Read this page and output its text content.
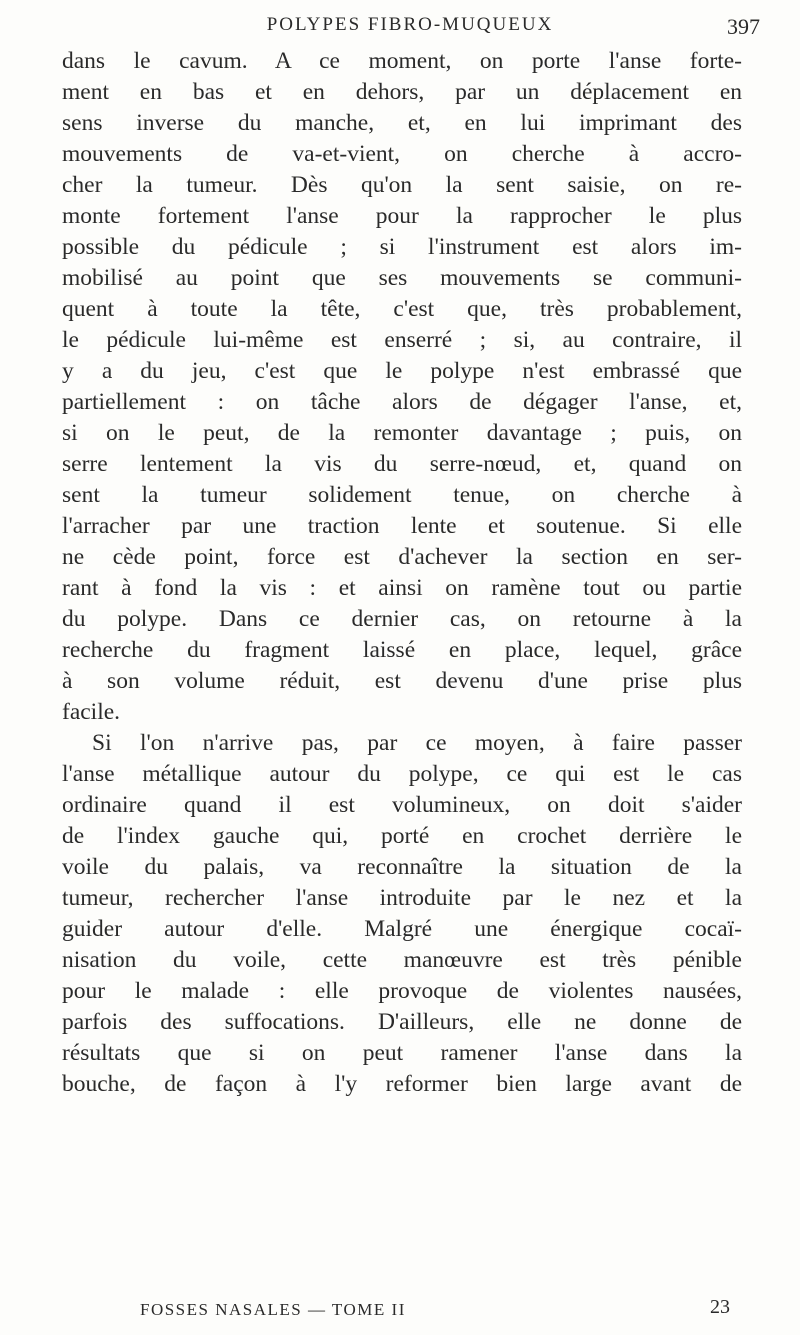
POLYPES FIBRO-MUQUEUX	397
dans le cavum. A ce moment, on porte l'anse forte-
ment en bas et en dehors, par un déplacement en
sens inverse du manche, et, en lui imprimant des
mouvements de va-et-vient, on cherche à accro-
cher la tumeur. Dès qu'on la sent saisie, on re-
monte fortement l'anse pour la rapprocher le plus
possible du pédicule ; si l'instrument est alors im-
mobilisé au point que ses mouvements se communi-
quent à toute la tête, c'est que, très probablement,
le pédicule lui-même est enserré ; si, au contraire, il
y a du jeu, c'est que le polype n'est embrassé que
partiellement : on tâche alors de dégager l'anse, et,
si on le peut, de la remonter davantage ; puis, on
serre lentement la vis du serre-nœud, et, quand on
sent la tumeur solidement tenue, on cherche à
l'arracher par une traction lente et soutenue. Si elle
ne cède point, force est d'achever la section en ser-
rant à fond la vis : et ainsi on ramène tout ou partie
du polype. Dans ce dernier cas, on retourne à la
recherche du fragment laissé en place, lequel, grâce
à son volume réduit, est devenu d'une prise plus
facile.
Si l'on n'arrive pas, par ce moyen, à faire passer
l'anse métallique autour du polype, ce qui est le cas
ordinaire quand il est volumineux, on doit s'aider
de l'index gauche qui, porté en crochet derrière le
voile du palais, va reconnaître la situation de la
tumeur, rechercher l'anse introduite par le nez et la
guider autour d'elle. Malgré une énergique cocaï-
nisation du voile, cette manœuvre est très pénible
pour le malade : elle provoque de violentes nausées,
parfois des suffocations. D'ailleurs, elle ne donne de
résultats que si on peut ramener l'anse dans la
bouche, de façon à l'y reformer bien large avant de
FOSSES NASALES — TOME II	23
